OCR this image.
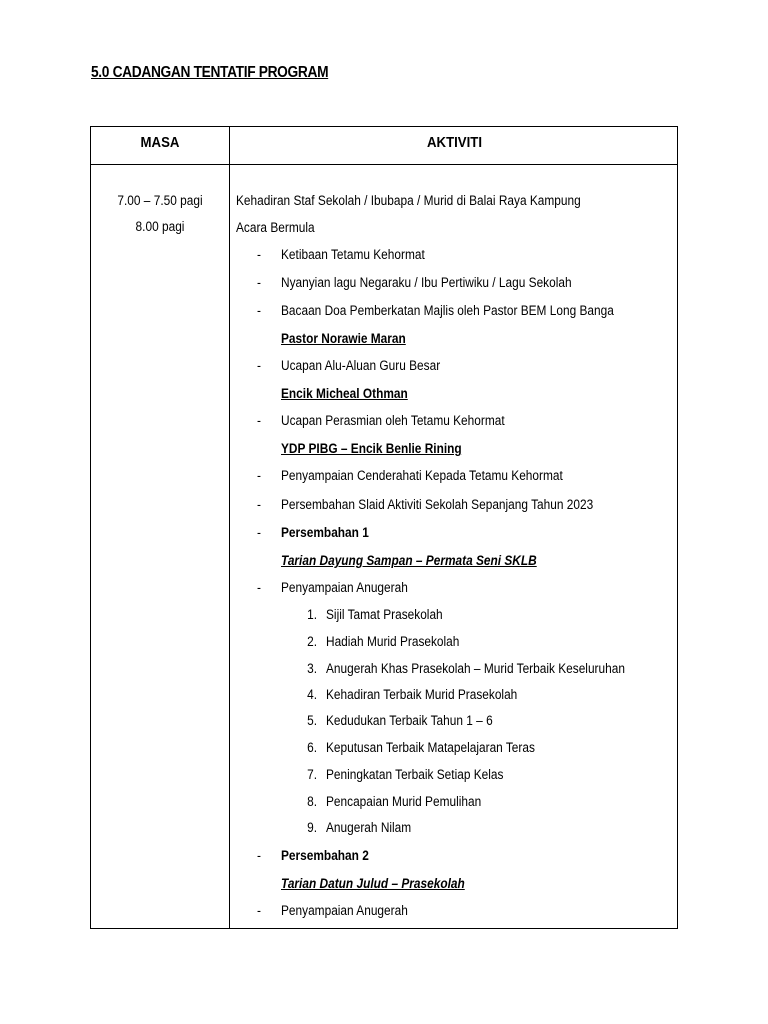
5.0 CADANGAN TENTATIF PROGRAM
MASA	AKTIVITI
7.00 – 7.50 pagi
8.00 pagi
Kehadiran Staf Sekolah / Ibubapa / Murid di Balai Raya Kampung
Acara Bermula
- Ketibaan Tetamu Kehormat
- Nyanyian lagu Negaraku / Ibu Pertiwiku / Lagu Sekolah
- Bacaan Doa Pemberkatan Majlis oleh Pastor BEM Long Banga
Pastor Norawie Maran
- Ucapan Alu-Aluan Guru Besar
Encik Micheal Othman
- Ucapan Perasmian oleh Tetamu Kehormat
YDP PIBG – Encik Benlie Rining
- Penyampaian Cenderahati Kepada Tetamu Kehormat
- Persembahan Slaid Aktiviti Sekolah Sepanjang Tahun 2023
- Persembahan 1
Tarian Dayung Sampan – Permata Seni SKLB
- Penyampaian Anugerah
1. Sijil Tamat Prasekolah
2. Hadiah Murid Prasekolah
3. Anugerah Khas Prasekolah – Murid Terbaik Keseluruhan
4. Kehadiran Terbaik Murid Prasekolah
5. Kedudukan Terbaik Tahun 1 – 6
6. Keputusan Terbaik Matapelajaran Teras
7. Peningkatan Terbaik Setiap Kelas
8. Pencapaian Murid Pemulihan
9. Anugerah Nilam
- Persembahan 2
Tarian Datun Julud – Prasekolah
- Penyampaian Anugerah
